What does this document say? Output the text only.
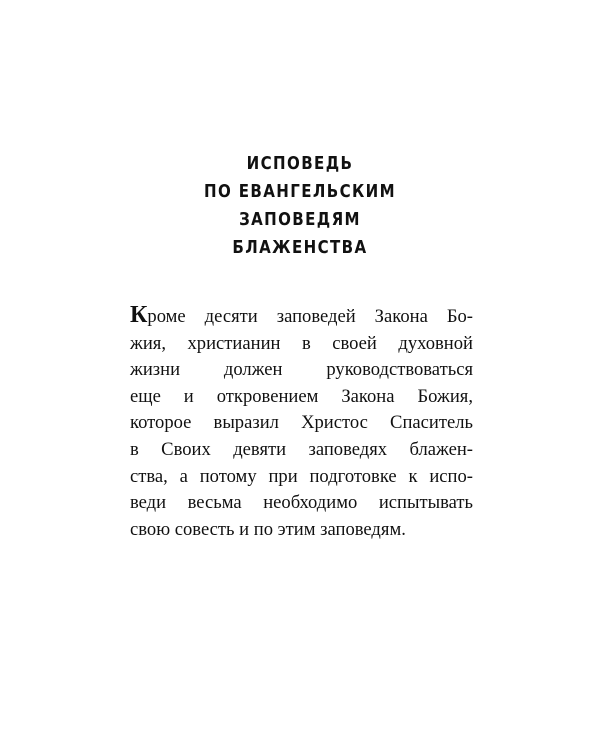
ИСПОВЕДЬ
ПО ЕВАНГЕЛЬСКИМ
ЗАПОВЕДЯМ
БЛАЖЕНСТВА

Кроме десяти заповедей Закона Бо-
жия, христианин в своей духовной
жизни должен руководствоваться
еще и откровением Закона Божия,
которое выразил Христос Спаситель
в Своих девяти заповедях блажен-
ства, а потому при подготовке к испо-
веди весьма необходимо испытывать
свою совесть и по этим заповедям.
